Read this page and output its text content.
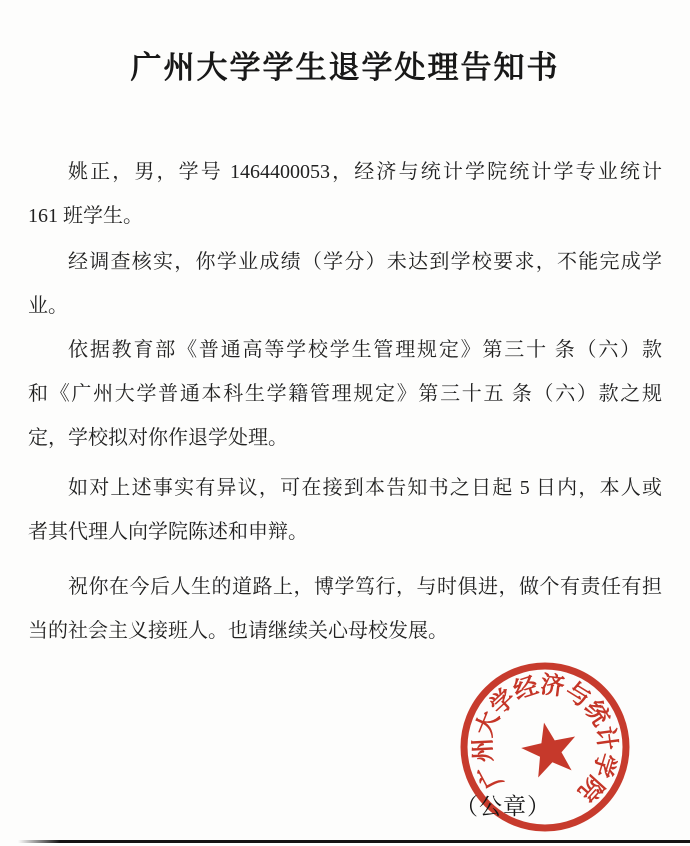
广州大学学生退学处理告知书
姚正，男，学号 1464400053，经济与统计学院统计学专业统计
161 班学生。
经调查核实，你学业成绩（学分）未达到学校要求，不能完成学
业。
依据教育部《普通高等学校学生管理规定》第三十 条（六）款
和《广州大学普通本科生学籍管理规定》第三十五 条（六）款之规
定，学校拟对你作退学处理。
如对上述事实有异议，可在接到本告知书之日起 5 日内，本人或
者其代理人向学院陈述和申辩。
祝你在今后人生的道路上，博学笃行，与时俱进，做个有责任有担
当的社会主义接班人。也请继续关心母校发展。
广
州
大
学
经
济
与
统
计
学
院
（公章）
